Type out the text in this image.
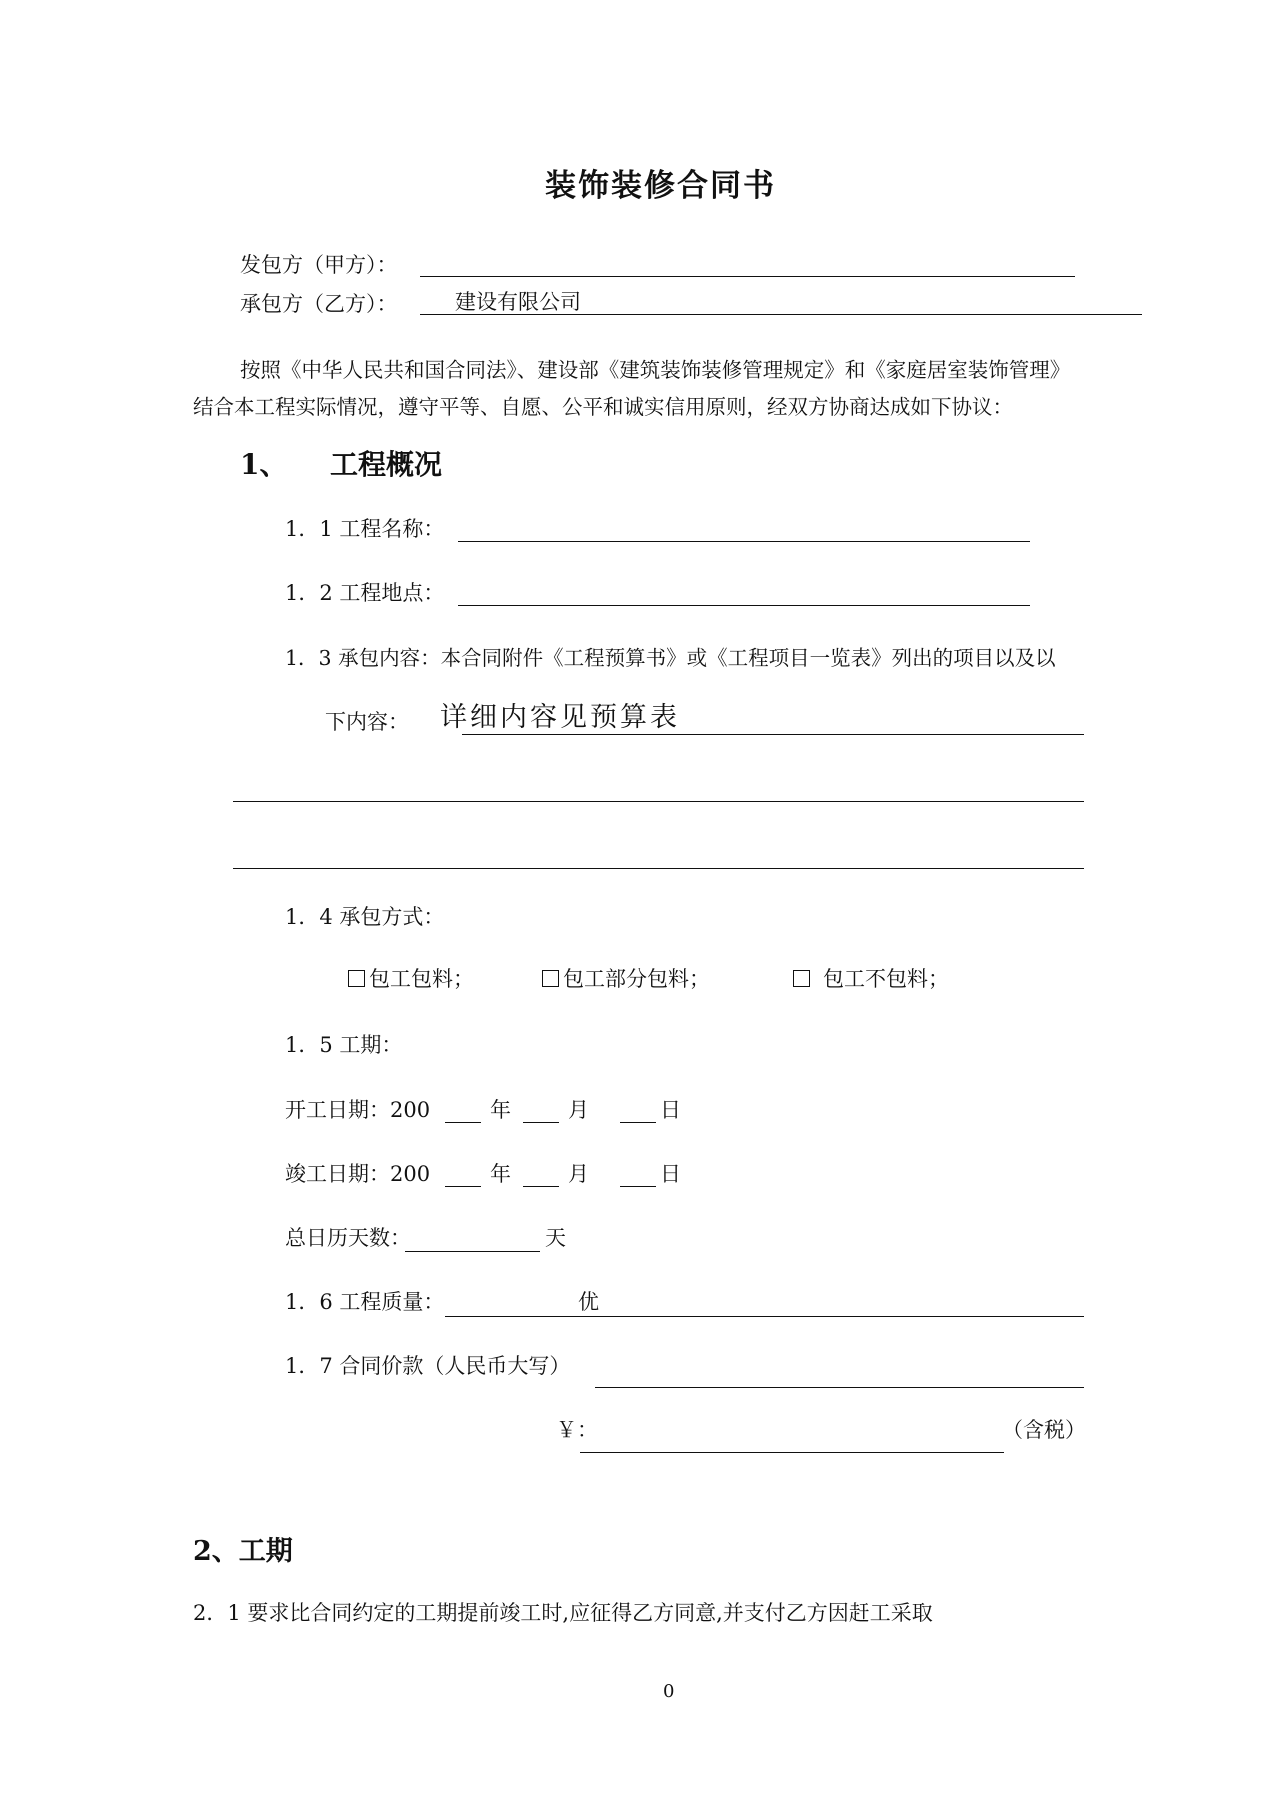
装饰装修合同书
发包方（甲方）：
承包方（乙方）：	建设有限公司
按照《中华人民共和国合同法》、建设部《建筑装饰装修管理规定》和《家庭居室装饰管理》
结合本工程实际情况，遵守平等、自愿、公平和诚实信用原则，经双方协商达成如下协议：
1、 工程概况
1．1 工程名称：
1．2 工程地点：
1．3 承包内容：本合同附件《工程预算书》或《工程项目一览表》列出的项目以及以
下内容： 详细内容见预算表
1．4 承包方式：
包工包料；	包工部分包料；	包工不包料；
1．5 工期：
开工日期：200	年	月	日
竣工日期：200	年	月	日
总日历天数：	天
1．6 工程质量：	优
1．7 合同价款（人民币大写）
￥：	（含税）
2、工期
2．1 要求比合同约定的工期提前竣工时,应征得乙方同意,并支付乙方因赶工采取
0
